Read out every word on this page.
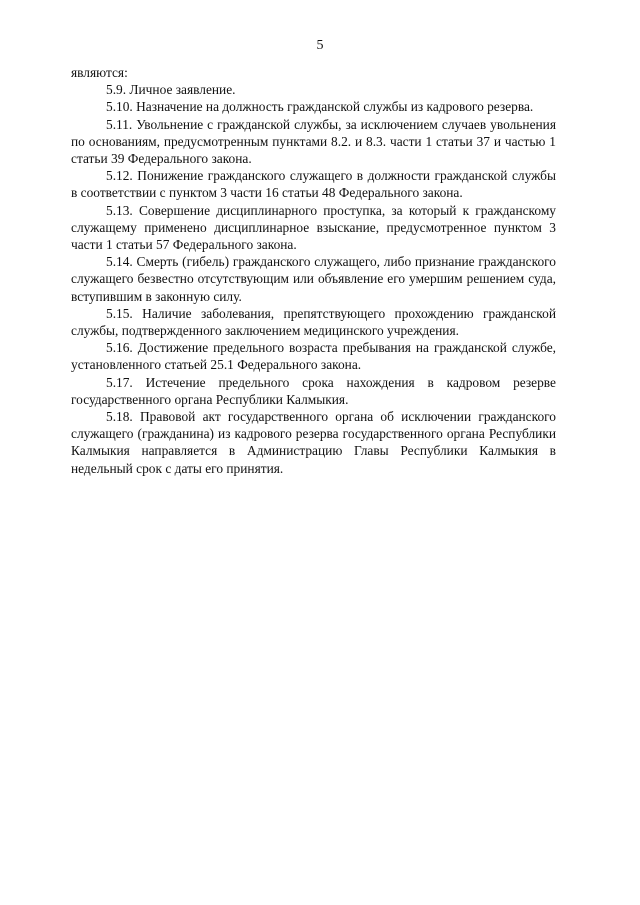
5

являются:

5.9. Личное заявление.

5.10. Назначение на должность гражданской службы из кадрового резерва.

5.11. Увольнение с гражданской службы, за исключением случаев увольнения по основаниям, предусмотренным пунктами 8.2. и 8.3. части 1 статьи 37 и частью 1 статьи 39 Федерального закона.

5.12. Понижение гражданского служащего в должности гражданской службы в соответствии с пунктом 3 части 16 статьи 48 Федерального закона.

5.13. Совершение дисциплинарного проступка, за который к гражданскому служащему применено дисциплинарное взыскание, предусмотренное пунктом 3 части 1 статьи 57 Федерального закона.

5.14. Смерть (гибель) гражданского служащего, либо признание гражданского служащего безвестно отсутствующим или объявление его умершим решением суда, вступившим в законную силу.

5.15. Наличие заболевания, препятствующего прохождению гражданской службы, подтвержденного заключением медицинского учреждения.

5.16. Достижение предельного возраста пребывания на гражданской службе, установленного статьей 25.1 Федерального закона.

5.17. Истечение предельного срока нахождения в кадровом резерве государственного органа Республики Калмыкия.

5.18. Правовой акт государственного органа об исключении гражданского служащего (гражданина) из кадрового резерва государственного органа Республики Калмыкия направляется в Администрацию Главы Республики Калмыкия в недельный срок с даты его принятия.
